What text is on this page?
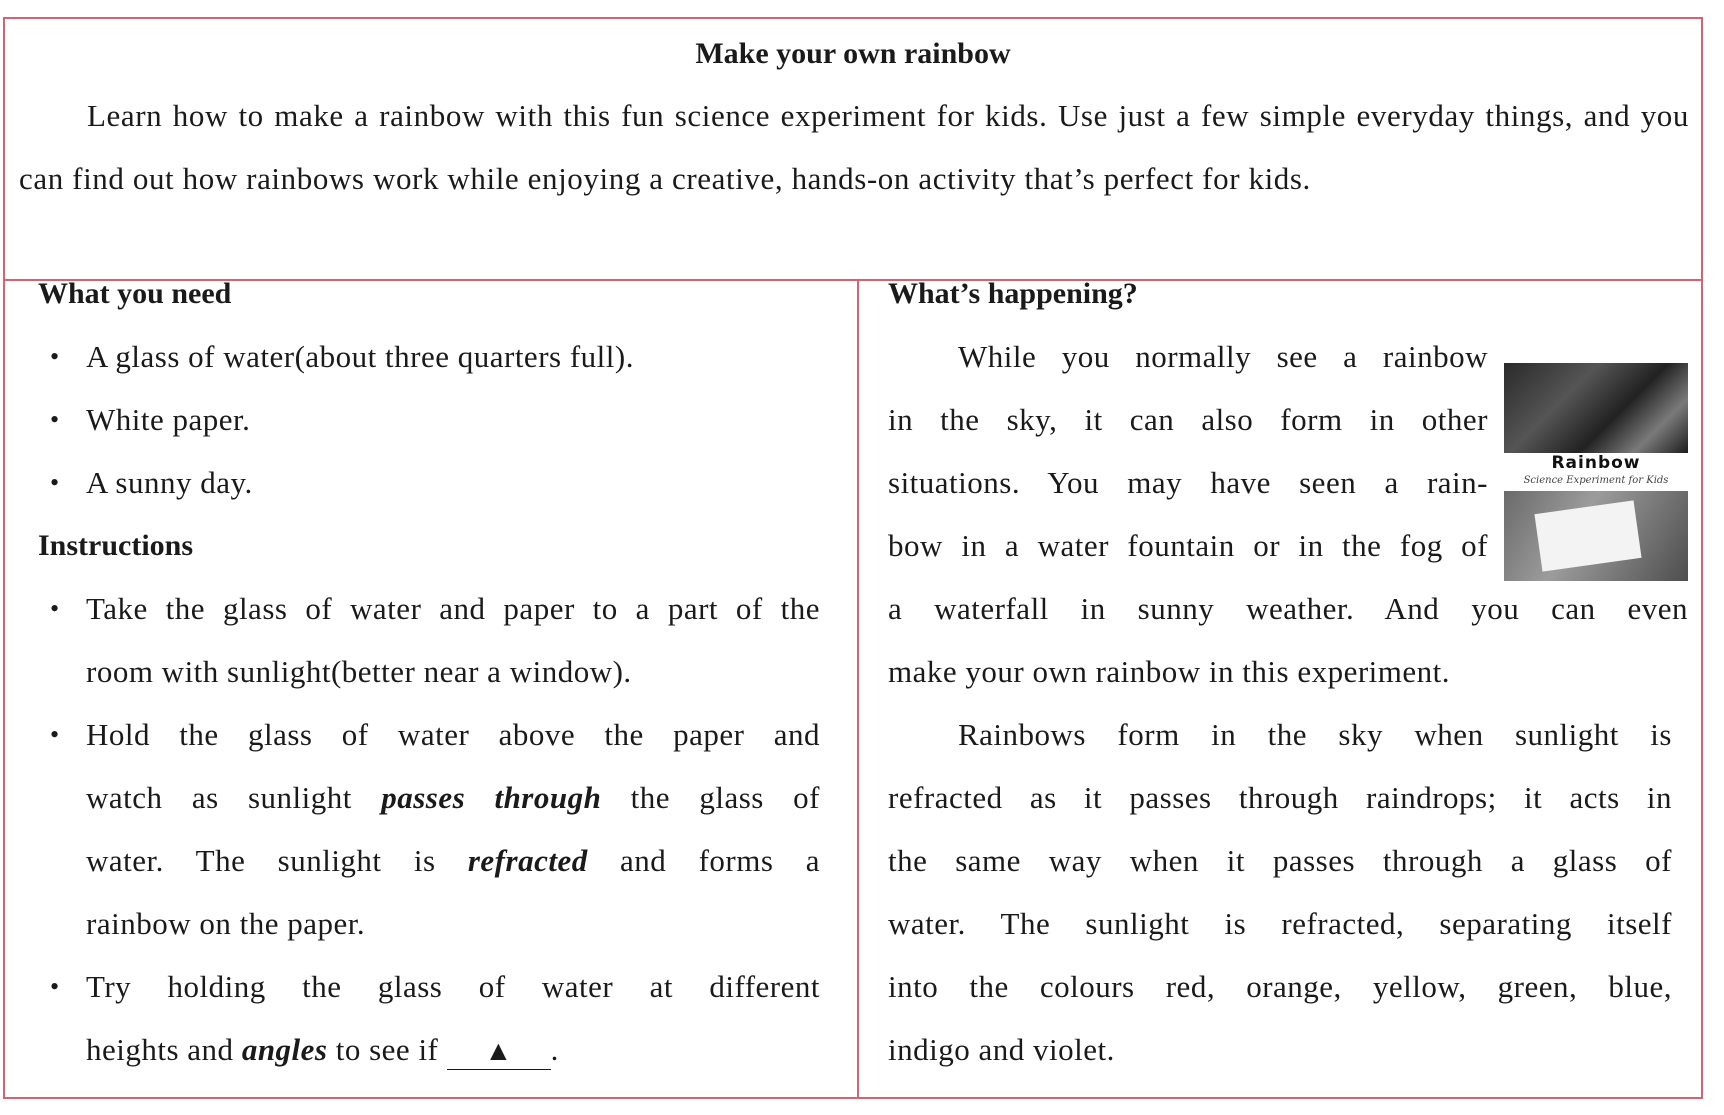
Make your own rainbow
Learn how to make a rainbow with this fun science experiment for kids. Use just a few simple everyday things, and you can find out how rainbows work while enjoying a creative, hands-on activity that’s perfect for kids.
What you need
• A glass of water(about three quarters full).
• White paper.
• A sunny day.
Instructions
• Take the glass of water and paper to a part of the
room with sunlight(better near a window).
• Hold the glass of water above the paper and
watch as sunlight passes through the glass of
water. The sunlight is refracted and forms a
rainbow on the paper.
• Try holding the glass of water at different
heights and angles to see if ▲ .
What’s happening?
While you normally see a rainbow
in the sky, it can also form in other
situations. You may have seen a rain-
bow in a water fountain or in the fog of
a waterfall in sunny weather. And you can even
make your own rainbow in this experiment.
Rainbows form in the sky when sunlight is
refracted as it passes through raindrops; it acts in
the same way when it passes through a glass of
water. The sunlight is refracted, separating itself
into the colours red, orange, yellow, green, blue,
indigo and violet.
Rainbow
Science Experiment for Kids
